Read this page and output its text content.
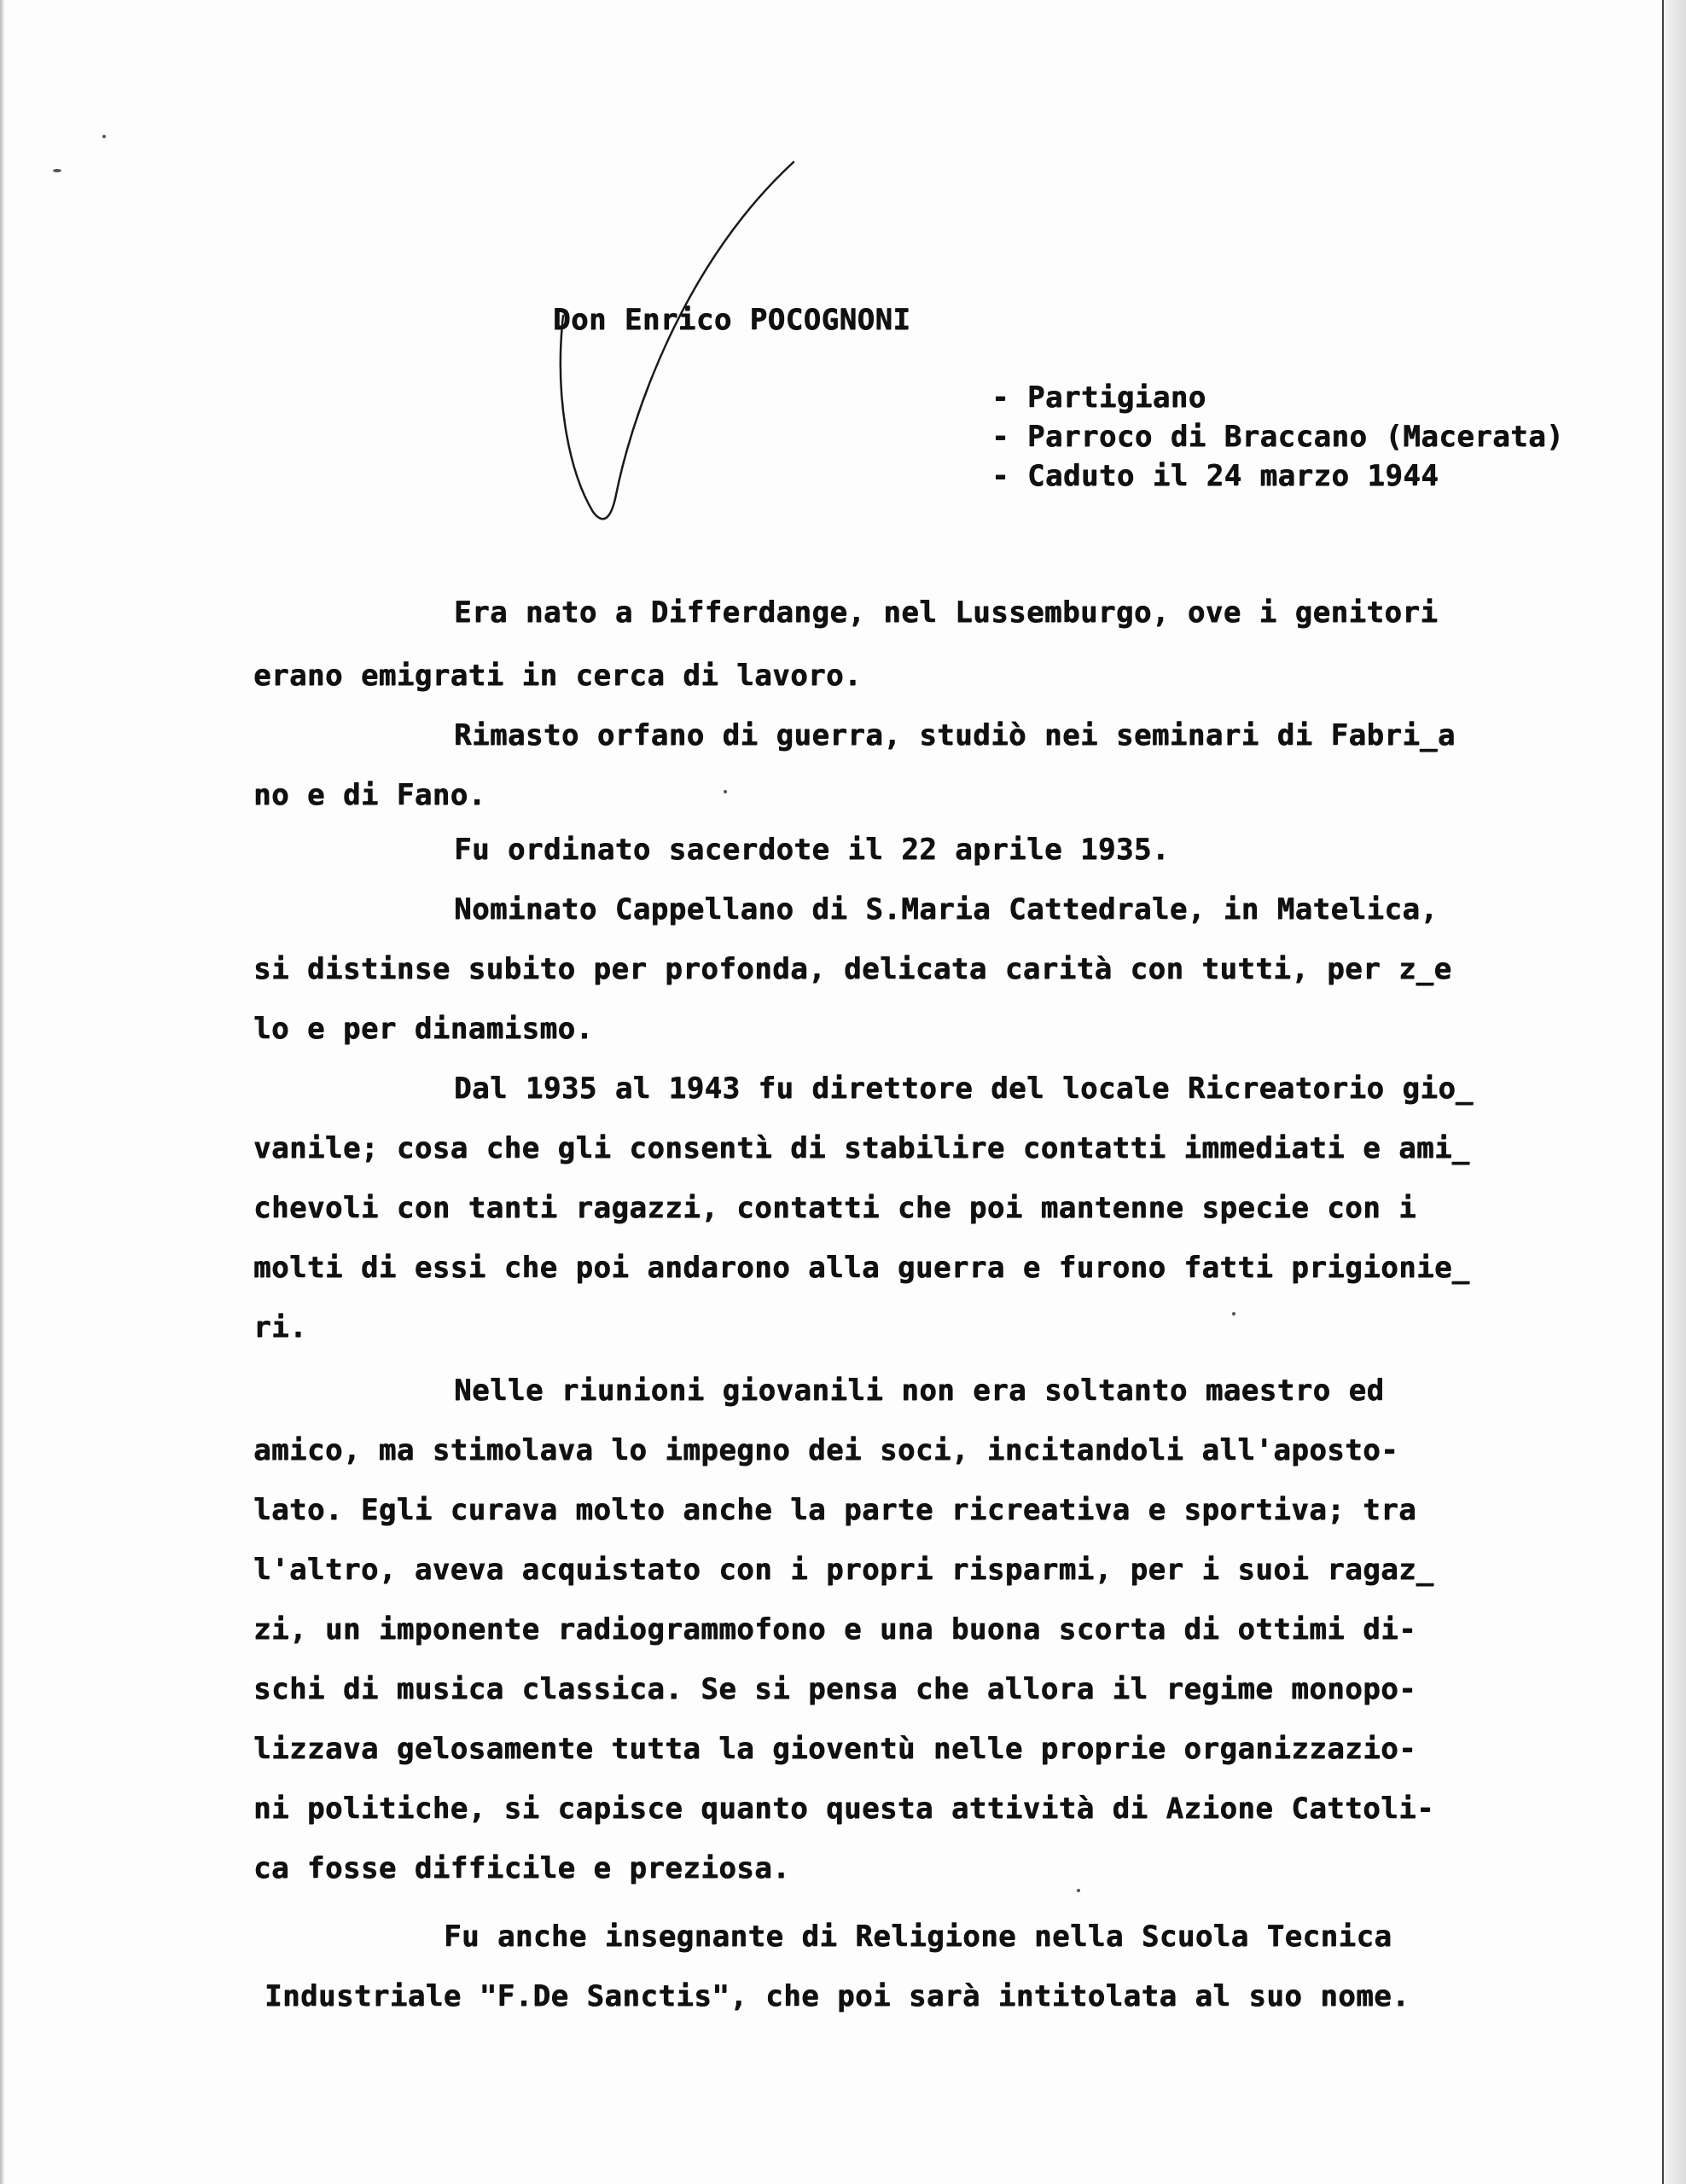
Don Enrico POCOGNONI
- Partigiano
- Parroco di Braccano (Macerata)
- Caduto il 24 marzo 1944
Era nato a Differdange, nel Lussemburgo, ove i genitori
erano emigrati in cerca di lavoro.
Rimasto orfano di guerra, studiò nei seminari di Fabri̲a
no e di Fano.
Fu ordinato sacerdote il 22 aprile 1935.
Nominato Cappellano di S.Maria Cattedrale, in Matelica,
si distinse subito per profonda, delicata carità con tutti, per z̲e
lo e per dinamismo.
Dal 1935 al 1943 fu direttore del locale Ricreatorio gio̲
vanile; cosa che gli consentì di stabilire contatti immediati e ami̲
chevoli con tanti ragazzi, contatti che poi mantenne specie con i
molti di essi che poi andarono alla guerra e furono fatti prigionie̲
ri.
Nelle riunioni giovanili non era soltanto maestro ed
amico, ma stimolava lo impegno dei soci, incitandoli all'aposto-
lato. Egli curava molto anche la parte ricreativa e sportiva; tra
l'altro, aveva acquistato con i propri risparmi, per i suoi ragaz̲
zi, un imponente radiogrammofono e una buona scorta di ottimi di-
schi di musica classica. Se si pensa che allora il regime monopo-
lizzava gelosamente tutta la gioventù nelle proprie organizzazio-
ni politiche, si capisce quanto questa attività di Azione Cattoli-
ca fosse difficile e preziosa.
Fu anche insegnante di Religione nella Scuola Tecnica
Industriale "F.De Sanctis", che poi sarà intitolata al suo nome.
